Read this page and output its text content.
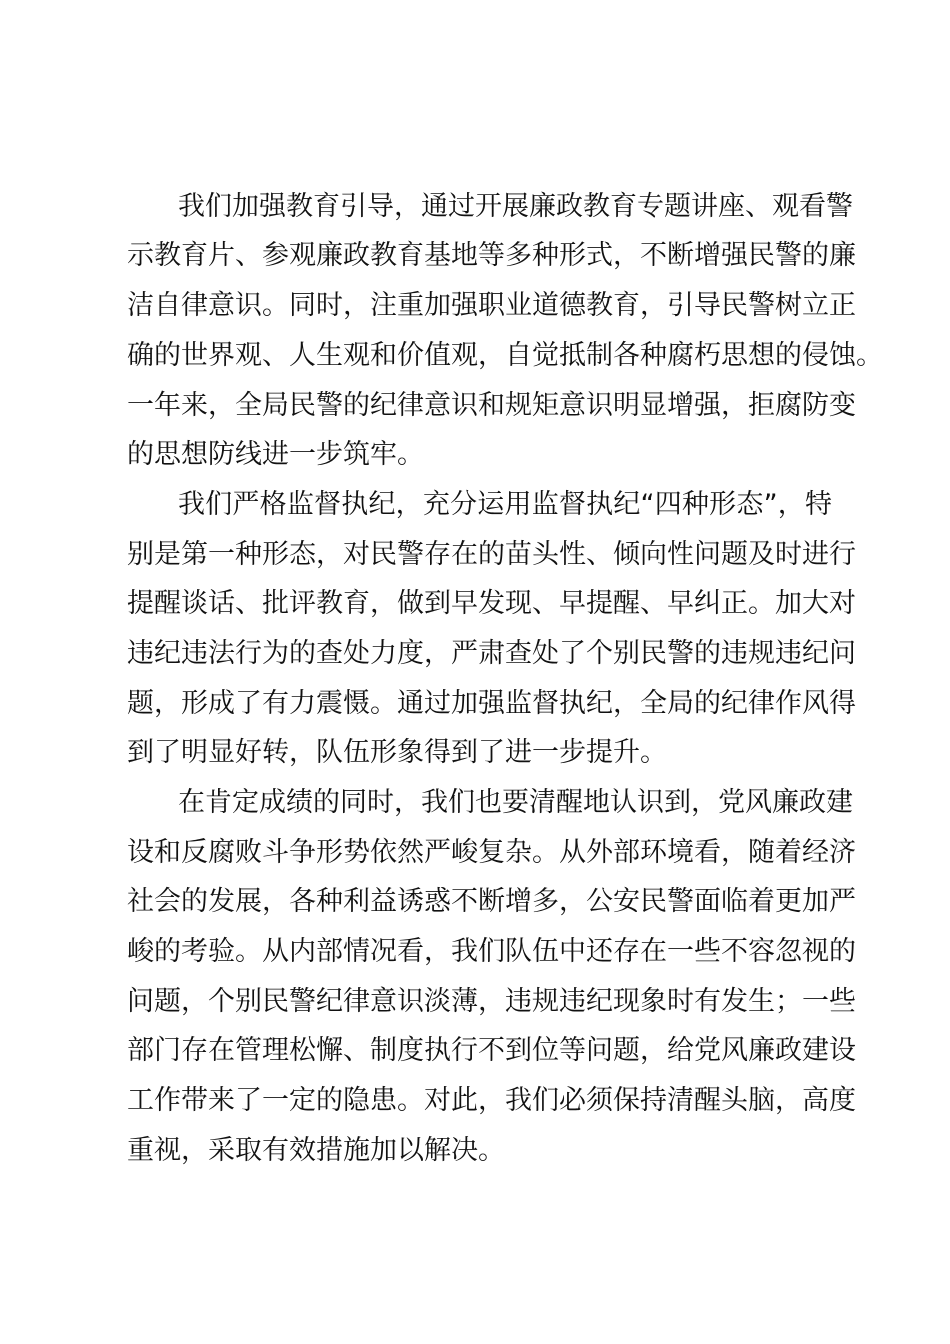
我们加强教育引导，通过开展廉政教育专题讲座、观看警
示教育片、参观廉政教育基地等多种形式，不断增强民警的廉
洁自律意识。同时，注重加强职业道德教育，引导民警树立正
确的世界观、人生观和价值观，自觉抵制各种腐朽思想的侵蚀。
一年来，全局民警的纪律意识和规矩意识明显增强，拒腐防变
的思想防线进一步筑牢。
我们严格监督执纪，充分运用监督执纪“四种形态”，特
别是第一种形态，对民警存在的苗头性、倾向性问题及时进行
提醒谈话、批评教育，做到早发现、早提醒、早纠正。加大对
违纪违法行为的查处力度，严肃查处了个别民警的违规违纪问
题，形成了有力震慑。通过加强监督执纪，全局的纪律作风得
到了明显好转，队伍形象得到了进一步提升。
在肯定成绩的同时，我们也要清醒地认识到，党风廉政建
设和反腐败斗争形势依然严峻复杂。从外部环境看，随着经济
社会的发展，各种利益诱惑不断增多，公安民警面临着更加严
峻的考验。从内部情况看，我们队伍中还存在一些不容忽视的
问题，个别民警纪律意识淡薄，违规违纪现象时有发生；一些
部门存在管理松懈、制度执行不到位等问题，给党风廉政建设
工作带来了一定的隐患。对此，我们必须保持清醒头脑，高度
重视，采取有效措施加以解决。
